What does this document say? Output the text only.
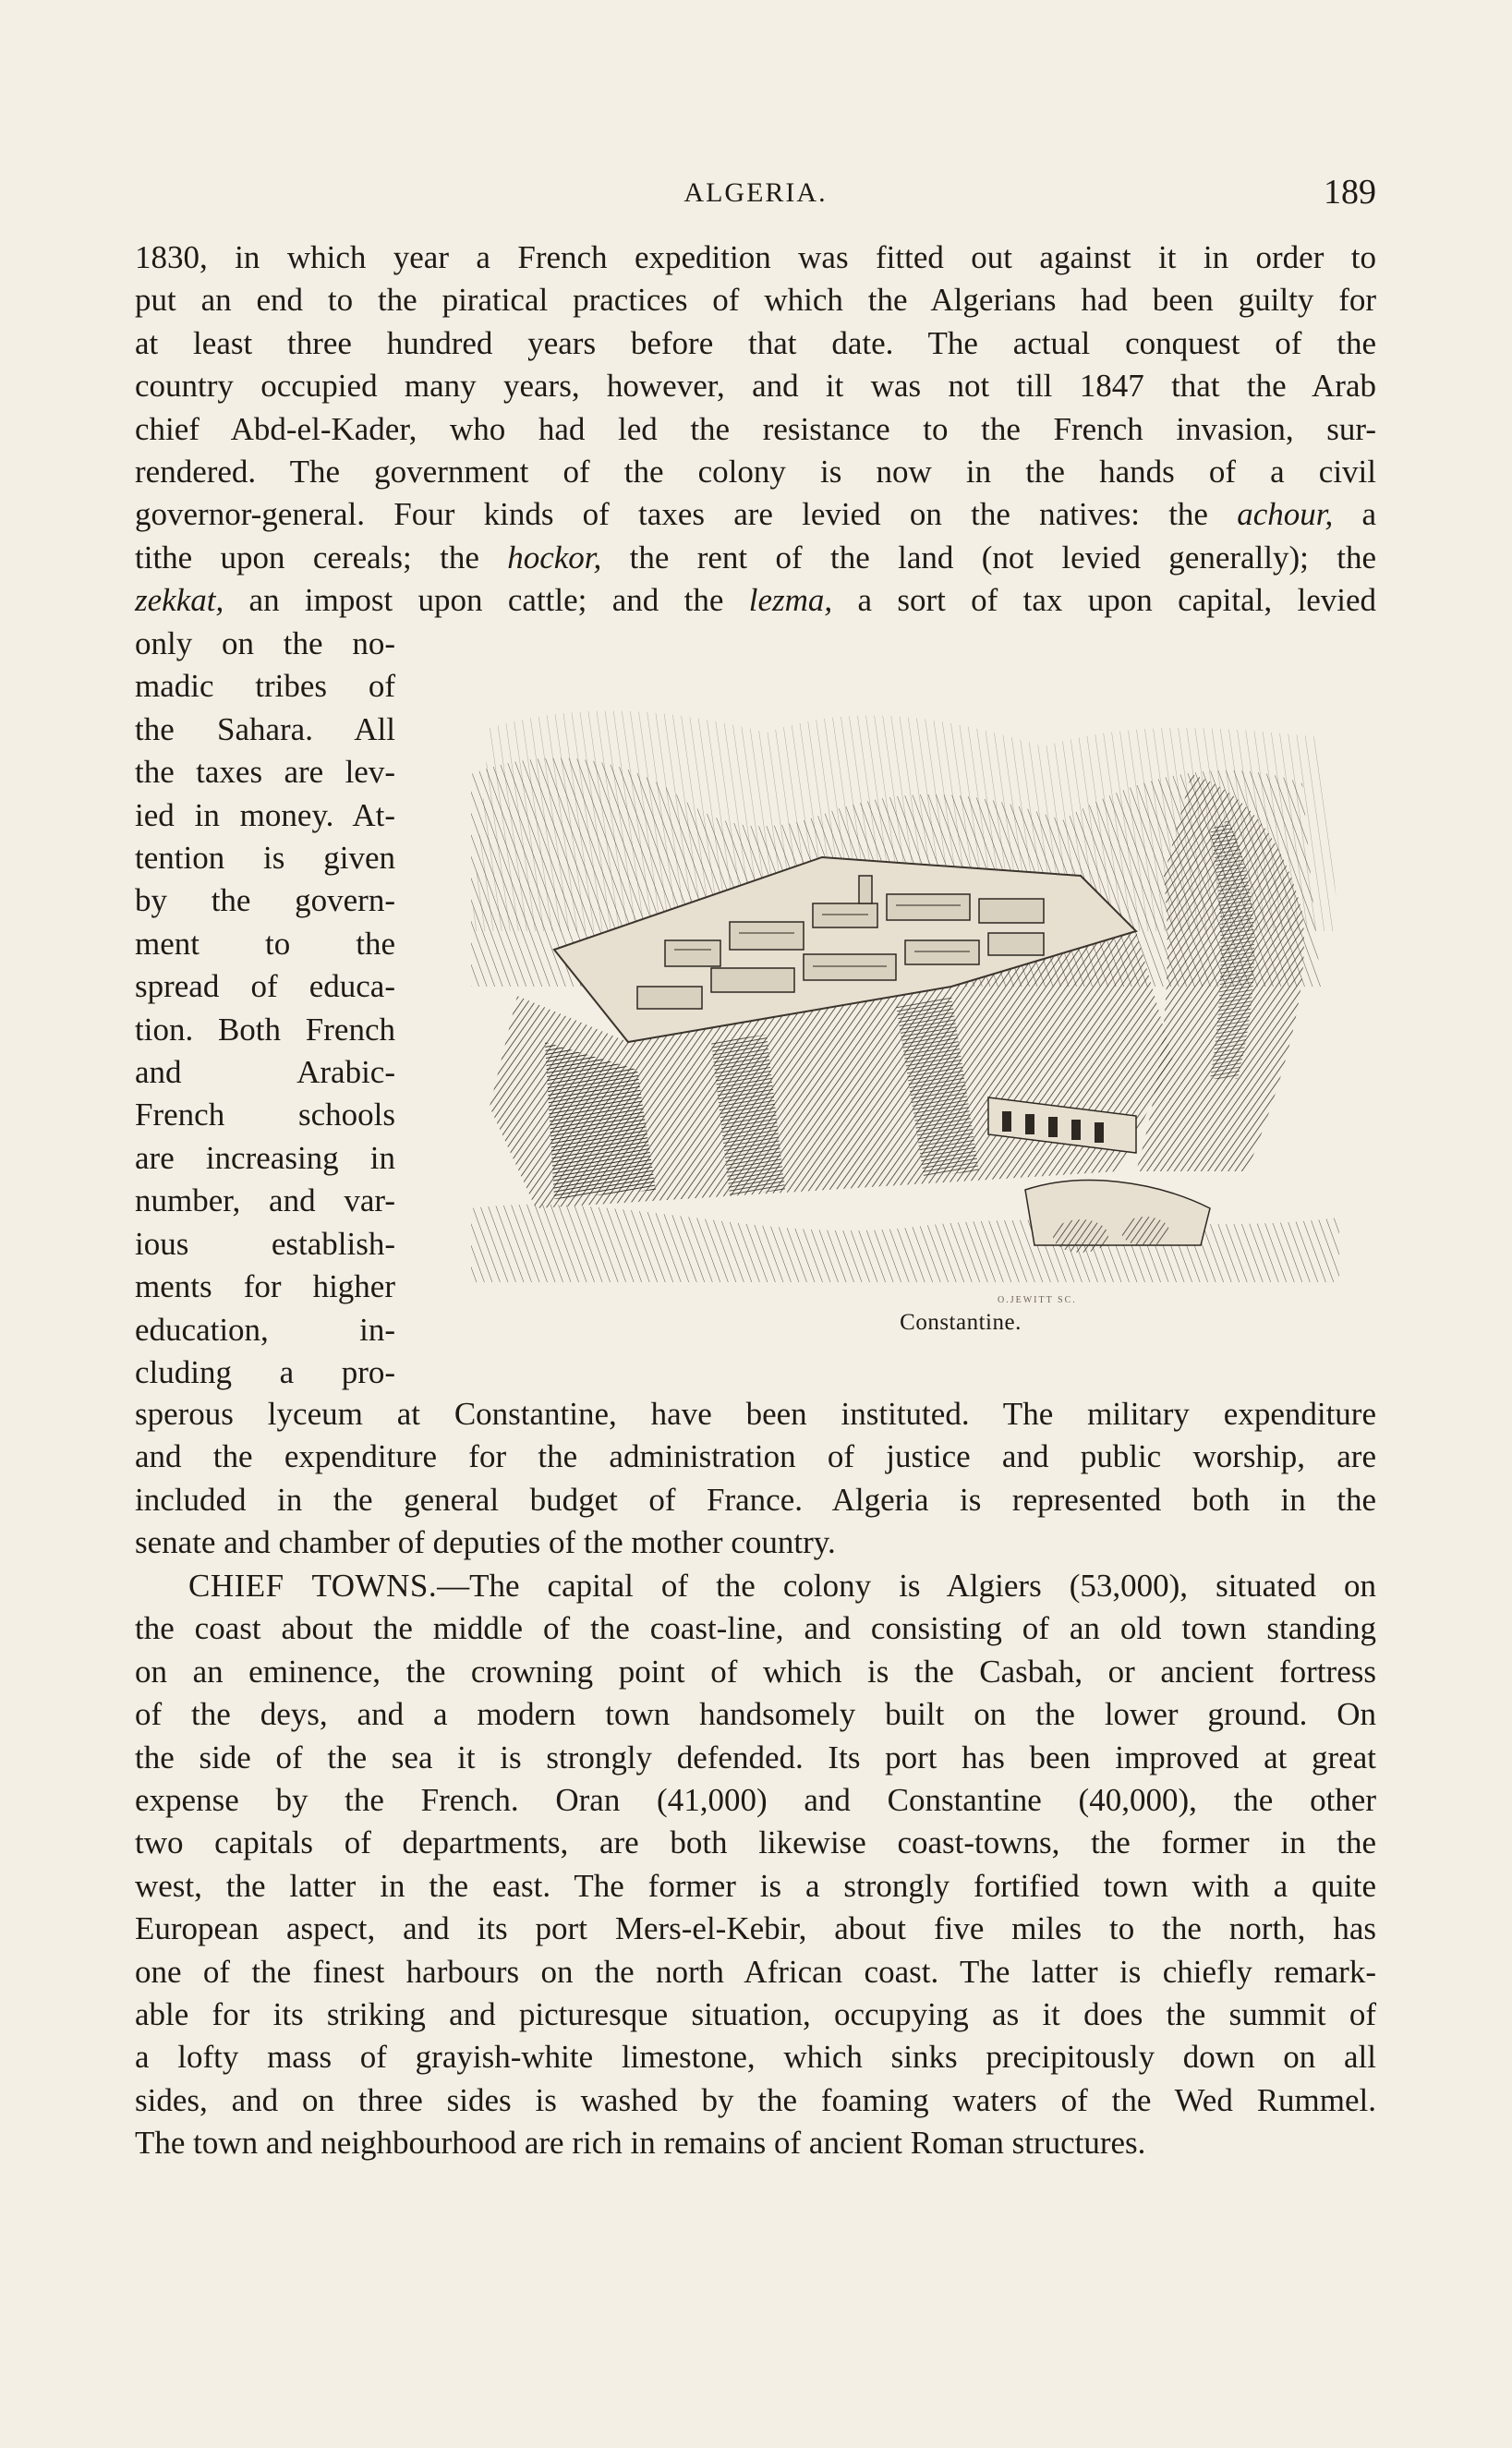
ALGERIA.	189
1830, in which year a French expedition was fitted out against it in order to
put an end to the piratical practices of which the Algerians had been guilty for
at least three hundred years before that date. The actual conquest of the
country occupied many years, however, and it was not till 1847 that the Arab
chief Abd-el-Kader, who had led the resistance to the French invasion, sur-
rendered. The government of the colony is now in the hands of a civil
governor-general. Four kinds of taxes are levied on the natives: the achour, a
tithe upon cereals; the hockor, the rent of the land (not levied generally); the
zekkat, an impost upon cattle; and the lezma, a sort of tax upon capital, levied
only on the no-
madic tribes of
the Sahara. All
the taxes are lev-
ied in money. At-
tention is given
by the govern-
ment to the
spread of educa-
tion. Both French
and Arabic-
French schools
are increasing in
number, and var-
ious establish-
ments for higher
education, in-
cluding a pro-
O.JEWITT SC.
Constantine.
sperous lyceum at Constantine, have been instituted. The military expenditure
and the expenditure for the administration of justice and public worship, are
included in the general budget of France. Algeria is represented both in the
senate and chamber of deputies of the mother country.
CHIEF TOWNS.—The capital of the colony is Algiers (53,000), situated on
the coast about the middle of the coast-line, and consisting of an old town standing
on an eminence, the crowning point of which is the Casbah, or ancient fortress
of the deys, and a modern town handsomely built on the lower ground. On
the side of the sea it is strongly defended. Its port has been improved at great
expense by the French. Oran (41,000) and Constantine (40,000), the other
two capitals of departments, are both likewise coast-towns, the former in the
west, the latter in the east. The former is a strongly fortified town with a quite
European aspect, and its port Mers-el-Kebir, about five miles to the north, has
one of the finest harbours on the north African coast. The latter is chiefly remark-
able for its striking and picturesque situation, occupying as it does the summit of
a lofty mass of grayish-white limestone, which sinks precipitously down on all
sides, and on three sides is washed by the foaming waters of the Wed Rummel.
The town and neighbourhood are rich in remains of ancient Roman structures.
